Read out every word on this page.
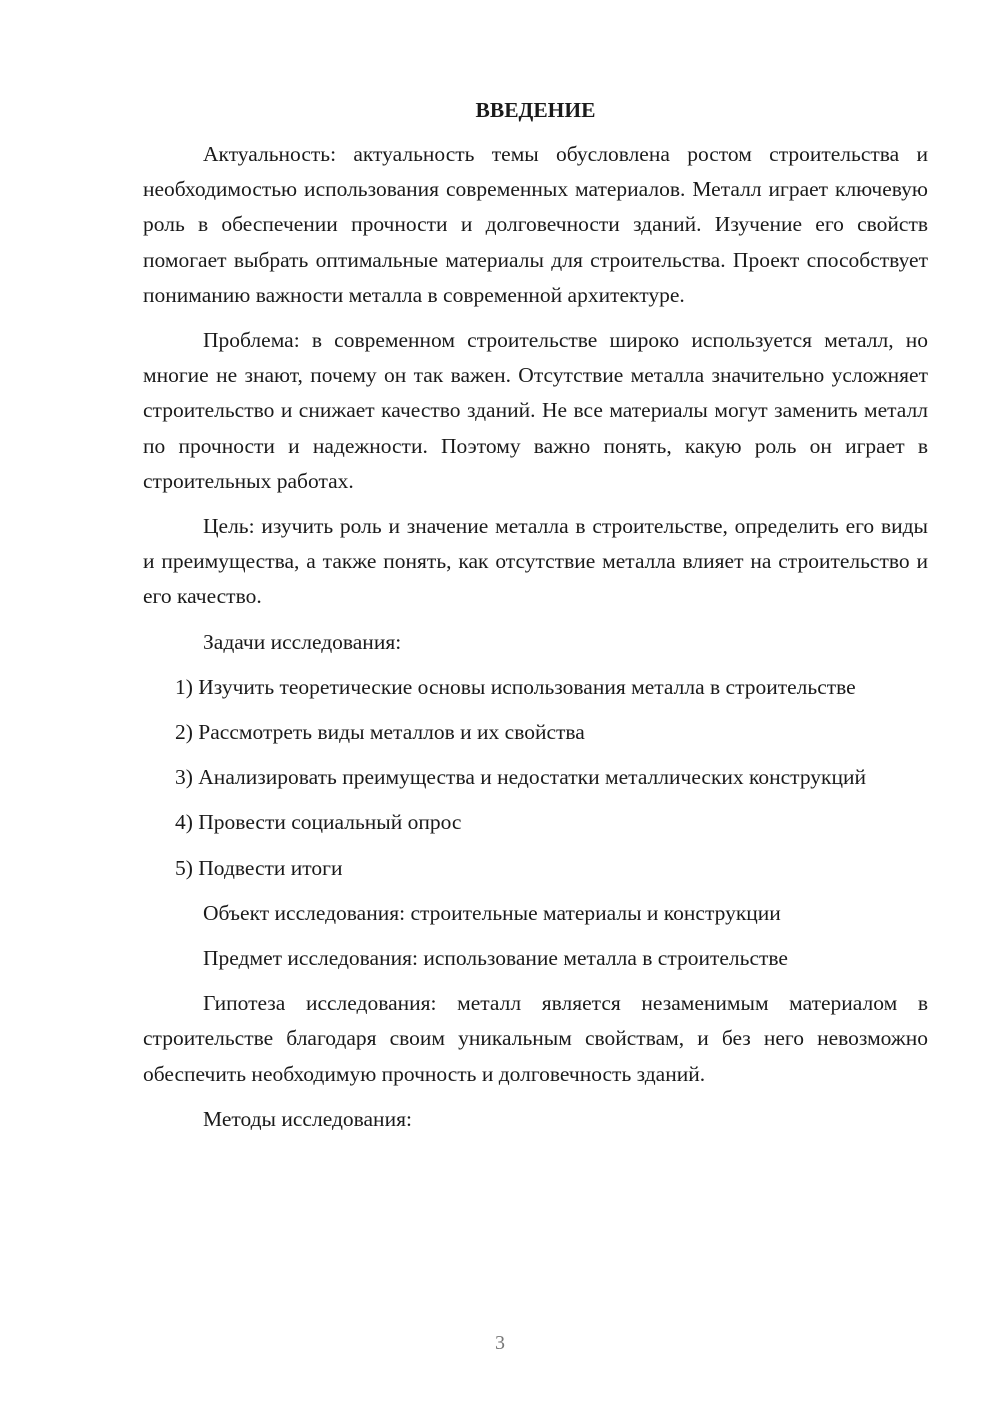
ВВЕДЕНИЕ

Актуальность: актуальность темы обусловлена ростом строительства и необходимостью использования современных материалов. Металл играет ключевую роль в обеспечении прочности и долговечности зданий. Изучение его свойств помогает выбрать оптимальные материалы для строительства. Проект способствует пониманию важности металла в современной архитектуре.

Проблема: в современном строительстве широко используется металл, но многие не знают, почему он так важен. Отсутствие металла значительно усложняет строительство и снижает качество зданий. Не все материалы могут заменить металл по прочности и надежности. Поэтому важно понять, какую роль он играет в строительных работах.

Цель: изучить роль и значение металла в строительстве, определить его виды и преимущества, а также понять, как отсутствие металла влияет на строительство и его качество.

Задачи исследования:

1) Изучить теоретические основы использования металла в строительстве

2) Рассмотреть виды металлов и их свойства

3) Анализировать преимущества и недостатки металлических конструкций

4) Провести социальный опрос

5) Подвести итоги

Объект исследования: строительные материалы и конструкции

Предмет исследования: использование металла в строительстве

Гипотеза исследования: металл является незаменимым материалом в строительстве благодаря своим уникальным свойствам, и без него невозможно обеспечить необходимую прочность и долговечность зданий.

Методы исследования:

3
